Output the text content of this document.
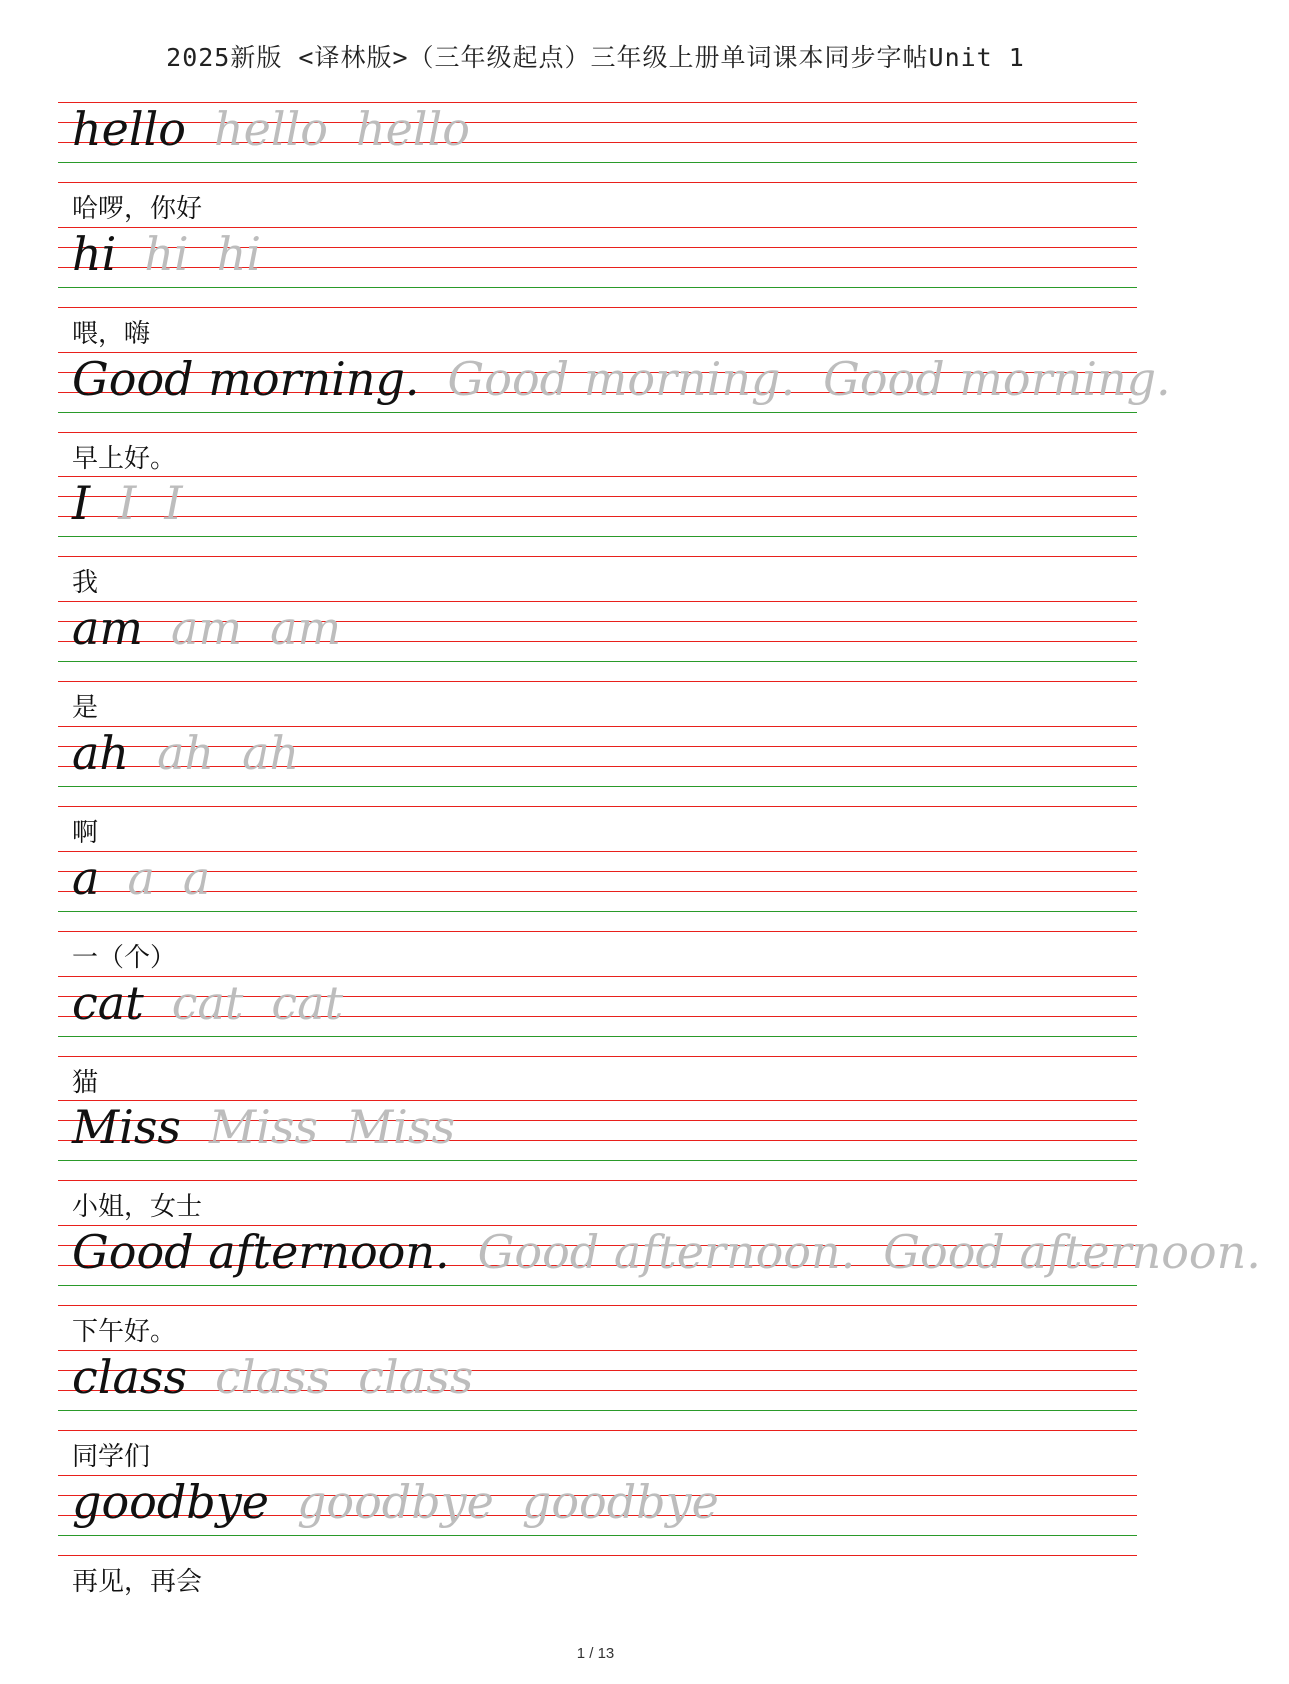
2025新版 <译林版>（三年级起点）三年级上册单词课本同步字帖Unit 1
hello hello hello
哈啰，你好
hi hi hi
喂，嗨
Good morning. Good morning. Good morning.
早上好。
I I I
我
am am am
是
ah ah ah
啊
a a a
一（个）
cat cat cat
猫
Miss Miss Miss
小姐，女士
Good afternoon. Good afternoon. Good afternoon.
下午好。
class class class
同学们
goodbye goodbye goodbye
再见，再会
1 / 13
